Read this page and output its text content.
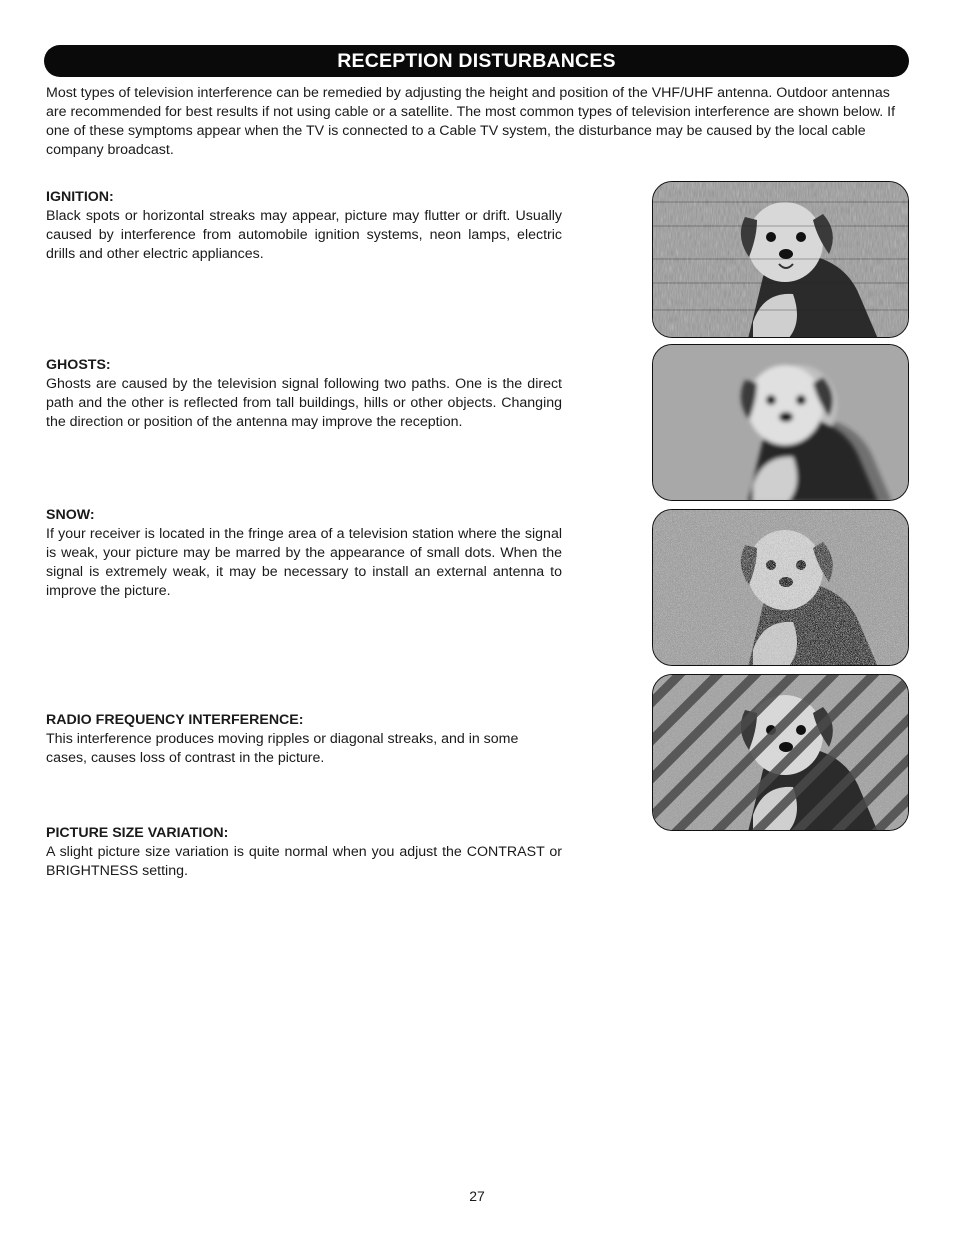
RECEPTION DISTURBANCES

Most types of television interference can be remedied by adjusting the height and position of the VHF/UHF antenna. Outdoor antennas are recommended for best results if not using cable or a satellite. The most common types of television interference are shown below. If one of these symptoms appear when the TV is connected to a Cable TV system, the disturbance may be caused by the local cable company broadcast.

IGNITION:

Black spots or horizontal streaks may appear, picture may flutter or drift. Usually caused by interference from automobile ignition systems, neon lamps, electric drills and other electric appliances.

GHOSTS:

Ghosts are caused by the television signal following two paths. One is the direct path and the other is reflected from tall buildings, hills or other objects. Changing the direction or position of the antenna may improve the reception.

SNOW:

If your receiver is located in the fringe area of a television station where the signal is weak, your picture may be marred by the appearance of small dots. When the signal is extremely weak, it may be necessary to install an external antenna to improve the picture.

RADIO FREQUENCY INTERFERENCE:

This interference produces moving ripples or diagonal streaks, and in some cases, causes loss of contrast in the picture.

PICTURE SIZE VARIATION:

A slight picture size variation is quite normal when you adjust the CONTRAST or BRIGHTNESS setting.

27
